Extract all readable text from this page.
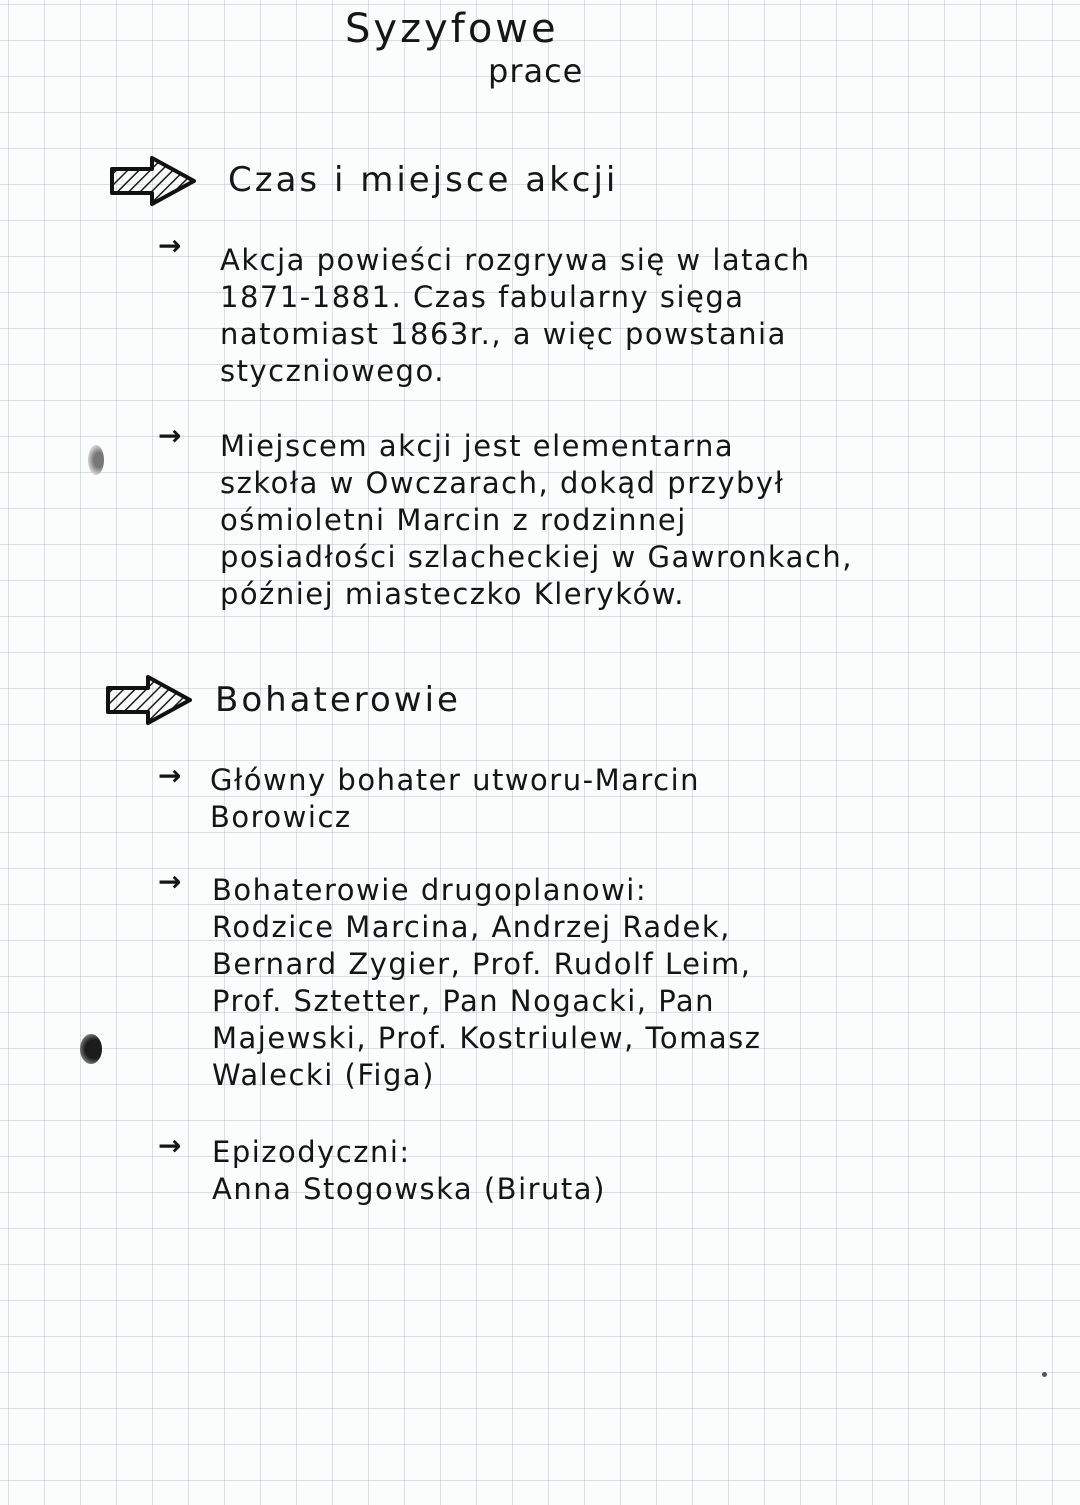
Syzyfowe
prace
Czas i miejsce akcji
→ Akcja powieści rozgrywa się w latach
1871-1881. Czas fabularny sięga
natomiast 1863r., a więc powstania
styczniowego.
→ Miejscem akcji jest elementarna
szkoła w Owczarach, dokąd przybył
ośmioletni Marcin z rodzinnej
posiadłości szlacheckiej w Gawronkach,
później miasteczko Kleryków.
Bohaterowie
→ Główny bohater utworu-Marcin
Borowicz
→ Bohaterowie drugoplanowi:
Rodzice Marcina, Andrzej Radek,
Bernard Zygier, Prof. Rudolf Leim,
Prof. Sztetter, Pan Nogacki, Pan
Majewski, Prof. Kostriulew, Tomasz
Walecki (Figa)
→ Epizodyczni:
Anna Stogowska (Biruta)
